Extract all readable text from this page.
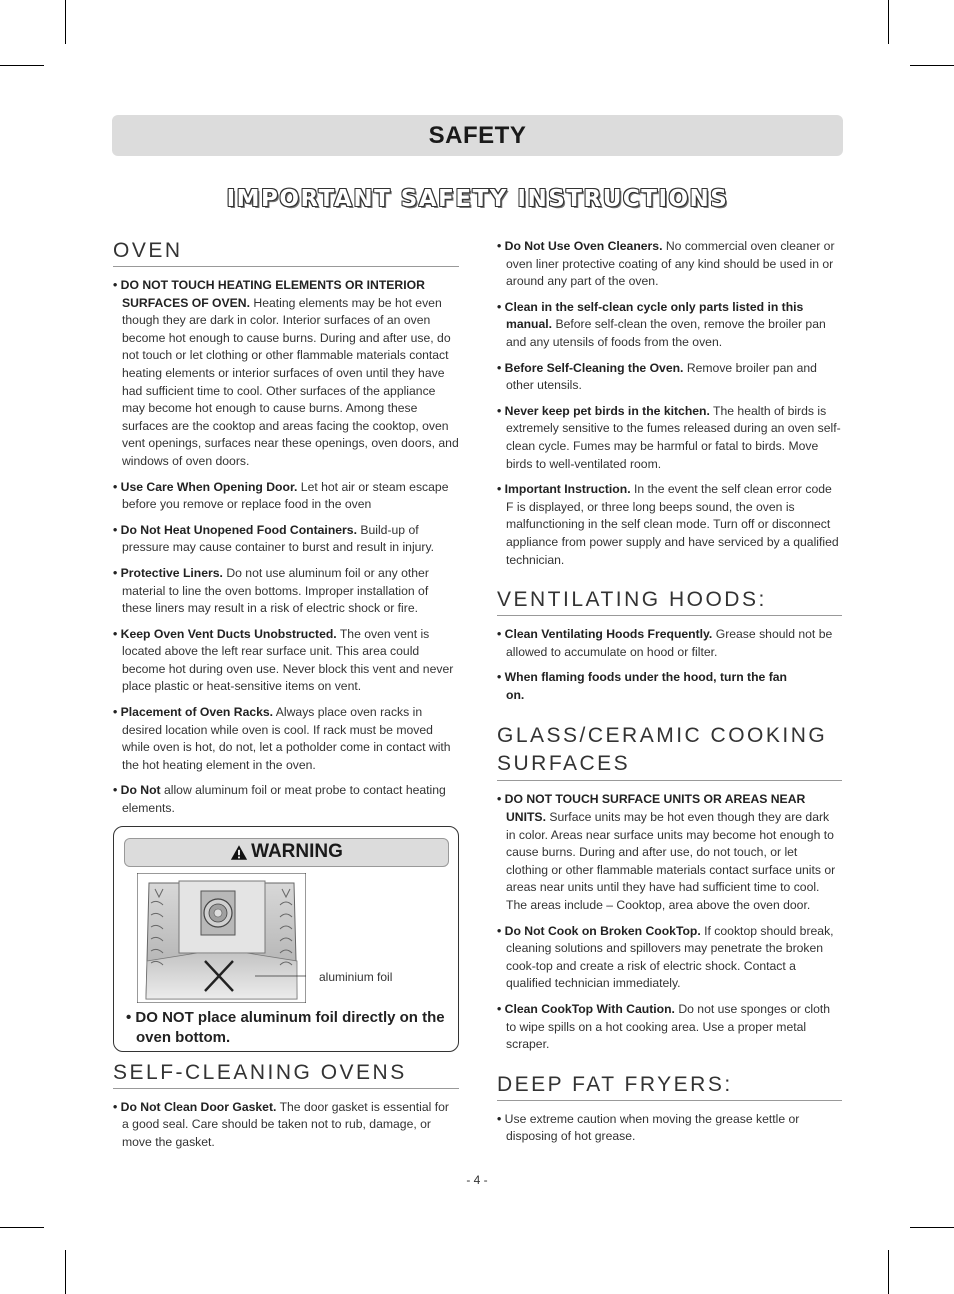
SAFETY
IMPORTANT SAFETY INSTRUCTIONS
OVEN
• DO NOT TOUCH HEATING ELEMENTS OR INTERIOR SURFACES OF OVEN. Heating elements may be hot even though they are dark in color. Interior surfaces of an oven become hot enough to cause burns. During and after use, do not touch or let clothing or other flammable materials contact heating elements or interior surfaces of oven until they have had sufficient time to cool. Other surfaces of the appliance may become hot enough to cause burns. Among these surfaces are the cooktop and areas facing the cooktop, oven vent openings, surfaces near these openings, oven doors, and windows of oven doors.
• Use Care When Opening Door. Let hot air or steam escape before you remove or replace food in the oven
• Do Not Heat Unopened Food Containers. Build-up of pressure may cause container to burst and result in injury.
• Protective Liners. Do not use aluminum foil or any other material to line the oven bottoms. Improper installation of these liners may result in a risk of electric shock or fire.
• Keep Oven Vent Ducts Unobstructed. The oven vent is located above the left rear surface unit. This area could become hot during oven use. Never block this vent and never place plastic or heat-sensitive items on vent.
• Placement of Oven Racks. Always place oven racks in desired location while oven is cool. If rack must be moved while oven is hot, do not, let a potholder come in contact with the hot heating element in the oven.
• Do Not allow aluminum foil or meat probe to contact heating elements.
WARNING
aluminium foil
• DO NOT place aluminum foil directly on the oven bottom.
SELF-CLEANING OVENS
• Do Not Clean Door Gasket. The door gasket is essential for a good seal. Care should be taken not to rub, damage, or move the gasket.
• Do Not Use Oven Cleaners. No commercial oven cleaner or oven liner protective coating of any kind should be used in or around any part of the oven.
• Clean in the self-clean cycle only parts listed in this manual. Before self-clean the oven, remove the broiler pan and any utensils of foods from the oven.
• Before Self-Cleaning the Oven. Remove broiler pan and other utensils.
• Never keep pet birds in the kitchen. The health of birds is extremely sensitive to the fumes released during an oven self-clean cycle. Fumes may be harmful or fatal to birds. Move birds to well-ventilated room.
• Important Instruction. In the event the self clean error code F is displayed, or three long beeps sound, the oven is malfunctioning in the self clean mode. Turn off or disconnect appliance from power supply and have serviced by a qualified technician.
VENTILATING HOODS:
• Clean Ventilating Hoods Frequently. Grease should not be allowed to accumulate on hood or filter.
• When flaming foods under the hood, turn the fan on.
GLASS/CERAMIC COOKING SURFACES
• DO NOT TOUCH SURFACE UNITS OR AREAS NEAR UNITS. Surface units may be hot even though they are dark in color. Areas near surface units may become hot enough to cause burns. During and after use, do not touch, or let clothing or other flammable materials contact surface units or areas near units until they have had sufficient time to cool. The areas include – Cooktop, area above the oven door.
• Do Not Cook on Broken CookTop. If cooktop should break, cleaning solutions and spillovers may penetrate the broken cook-top and create a risk of electric shock. Contact a qualified technician immediately.
• Clean CookTop With Caution. Do not use sponges or cloth to wipe spills on a hot cooking area. Use a proper metal scraper.
DEEP FAT FRYERS:
• Use extreme caution when moving the grease kettle or disposing of hot grease.
- 4 -
